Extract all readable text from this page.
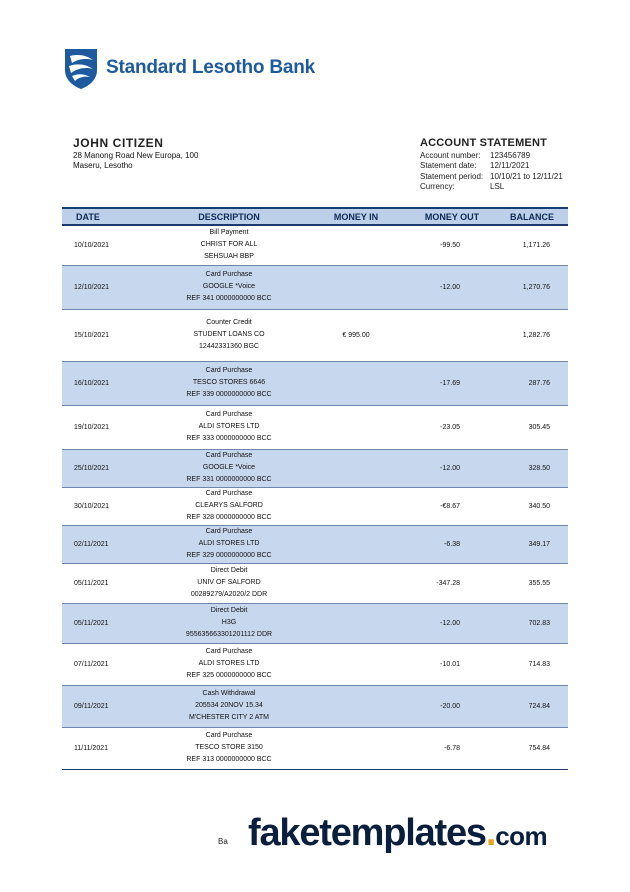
Standard Lesotho Bank
JOHN CITIZEN
28 Manong Road New Europa, 100
Maseru, Lesotho
ACCOUNT STATEMENT
Account number:	123456789
Statement date:	12/11/2021
Statement period: 10/10/21 to 12/11/21
Currency:	LSL
DATE	DESCRIPTION	MONEY IN	MONEY OUT	BALANCE
10/10/2021	Bill Payment
CHRIST FOR ALL
SEHSUAH BBP		-99.50	1,171.26
12/10/2021	Card Purchase
GOOGLE *Voice
REF 341 0000000000 BCC		-12.00	1,270.76
15/10/2021	Counter Credit
STUDENT LOANS CO
12442331360 BGC	€ 995.00		1,282.76
16/10/2021	Card Purchase
TESCO STORES 6646
REF 339 0000000000 BCC		-17.69	287.76
19/10/2021	Card Purchase
ALDI STORES LTD
REF 333 0000000000 BCC		-23.05	305.45
25/10/2021	Card Purchase
GOOGLE *Voice
REF 331 0000000000 BCC		-12.00	328.50
30/10/2021	Card Purchase
CLEARYS SALFORD
REF 328 0000000000 BCC		-€8.67	340.50
02/11/2021	Card Purchase
ALDI STORES LTD
REF 329 0000000000 BCC		-6.38	349.17
05/11/2021	Direct Debit
UNIV OF SALFORD
00289279/A2020/2 DDR		-347.28	355.55
05/11/2021	Direct Debit
H3G
955635663301201112 DDR		-12.00	702.83
07/11/2021	Card Purchase
ALDI STORES LTD
REF 325 0000000000 BCC		-10.01	714.83
09/11/2021	Cash Withdrawal
205534 20NOV 15.34
M'CHESTER CITY 2 ATM		-20.00	724.84
11/11/2021	Card Purchase
TESCO STORE 3150
REF 313 0000000000 BCC		-6.78	754.84
Ba faketemplates.com
